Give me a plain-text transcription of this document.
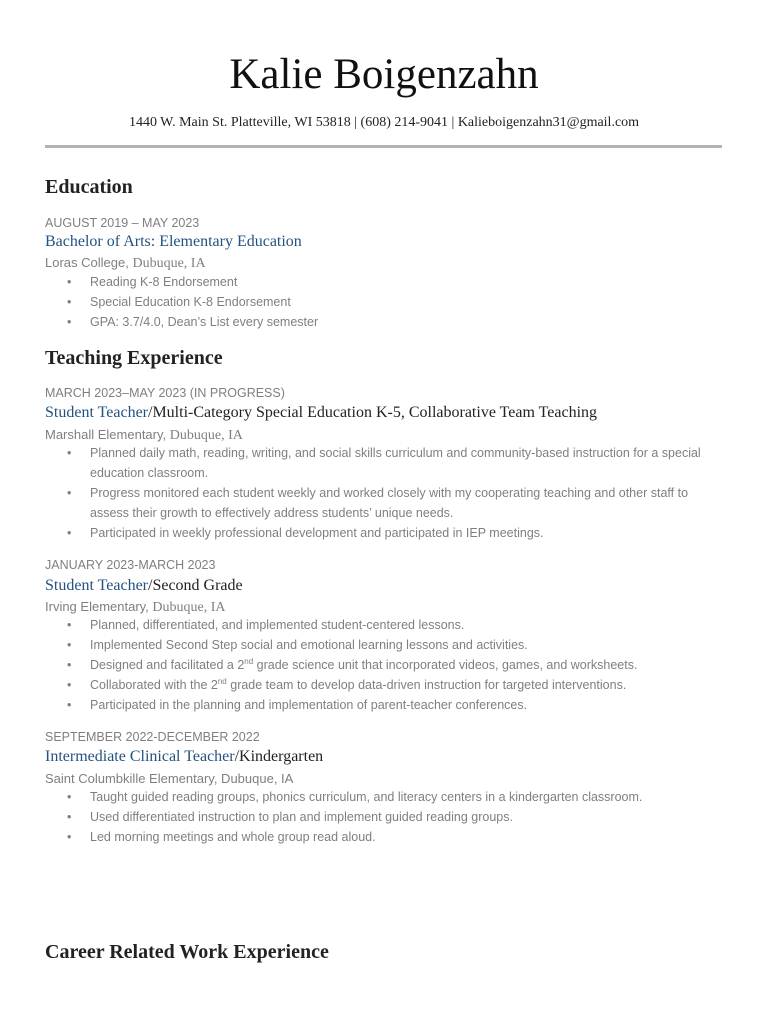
Kalie Boigenzahn
1440 W. Main St. Platteville, WI 53818 | (608) 214-9041 | Kalieboigenzahn31@gmail.com
Education
AUGUST 2019 – MAY 2023
Bachelor of Arts: Elementary Education
Loras College, Dubuque, IA
• Reading K-8 Endorsement
• Special Education K-8 Endorsement
• GPA: 3.7/4.0, Dean’s List every semester
Teaching Experience
MARCH 2023–MAY 2023 (IN PROGRESS)
Student Teacher/Multi-Category Special Education K-5, Collaborative Team Teaching
Marshall Elementary, Dubuque, IA
• Planned daily math, reading, writing, and social skills curriculum and community-based instruction for a special education classroom.
• Progress monitored each student weekly and worked closely with my cooperating teaching and other staff to assess their growth to effectively address students’ unique needs.
• Participated in weekly professional development and participated in IEP meetings.
JANUARY 2023-MARCH 2023
Student Teacher/Second Grade
Irving Elementary, Dubuque, IA
• Planned, differentiated, and implemented student-centered lessons.
• Implemented Second Step social and emotional learning lessons and activities.
• Designed and facilitated a 2nd grade science unit that incorporated videos, games, and worksheets.
• Collaborated with the 2nd grade team to develop data-driven instruction for targeted interventions.
• Participated in the planning and implementation of parent-teacher conferences.
SEPTEMBER 2022-DECEMBER 2022
Intermediate Clinical Teacher/Kindergarten
Saint Columbkille Elementary, Dubuque, IA
• Taught guided reading groups, phonics curriculum, and literacy centers in a kindergarten classroom.
• Used differentiated instruction to plan and implement guided reading groups.
• Led morning meetings and whole group read aloud.
Career Related Work Experience
